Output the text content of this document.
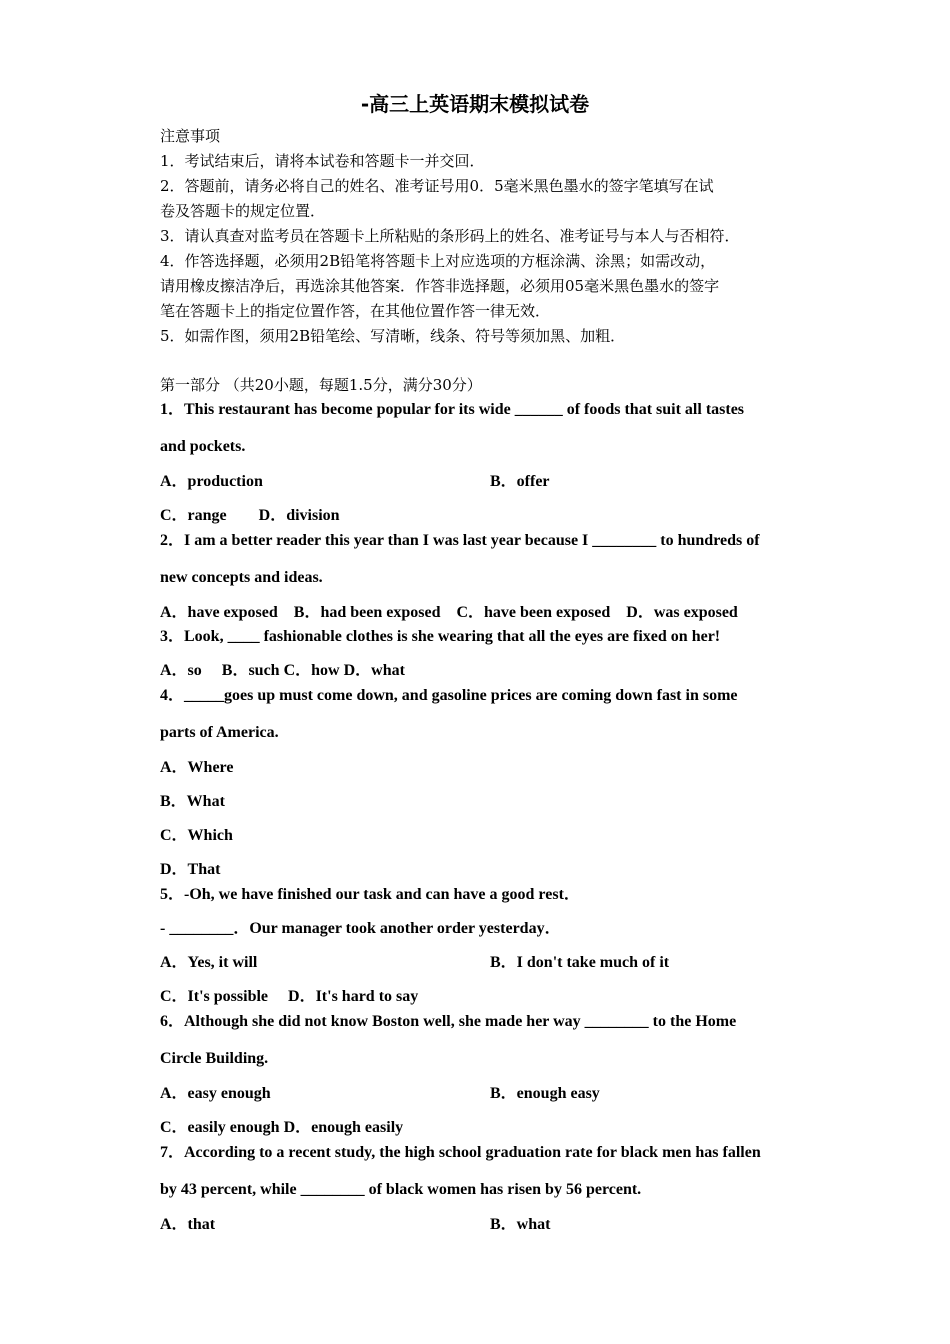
-高三上英语期末模拟试卷
注意事项
1．考试结束后，请将本试卷和答题卡一并交回．
2．答题前，请务必将自己的姓名、准考证号用0．5毫米黑色墨水的签字笔填写在试
卷及答题卡的规定位置．
3．请认真查对监考员在答题卡上所粘贴的条形码上的姓名、准考证号与本人与否相符．
4．作答选择题，必须用2B铅笔将答题卡上对应选项的方框涂满、涂黑；如需改动，
请用橡皮擦洁净后，再选涂其他答案．作答非选择题，必须用05毫米黑色墨水的签字
笔在答题卡上的指定位置作答，在其他位置作答一律无效．
5．如需作图，须用2B铅笔绘、写清晰，线条、符号等须加黑、加粗．
第一部分 （共20小题，每题1.5分，满分30分）
1．This restaurant has become popular for its wide ______ of foods that suit all tastes
and pockets.
A．production	B．offer
C．range　　D．division
2．I am a better reader this year than I was last year because I ________ to hundreds of
new concepts and ideas.
A．have exposed　B．had been exposed　C．have been exposed　D．was exposed
3．Look, ____ fashionable clothes is she wearing that all the eyes are fixed on her!
A．so　 B．such C．how D．what
4．_____goes up must come down, and gasoline prices are coming down fast in some
parts of America.
A．Where
B．What
C．Which
D．That
5．-Oh, we have finished our task and can have a good rest．
- ________．Our manager took another order yesterday．
A．Yes, it will	B．I don't take much of it
C．It's possible　 D．It's hard to say
6．Although she did not know Boston well, she made her way ________ to the Home
Circle Building.
A．easy enough	B．enough easy
C．easily enough D．enough easily
7．According to a recent study, the high school graduation rate for black men has fallen
by 43 percent, while ________ of black women has risen by 56 percent.
A．that	B．what
